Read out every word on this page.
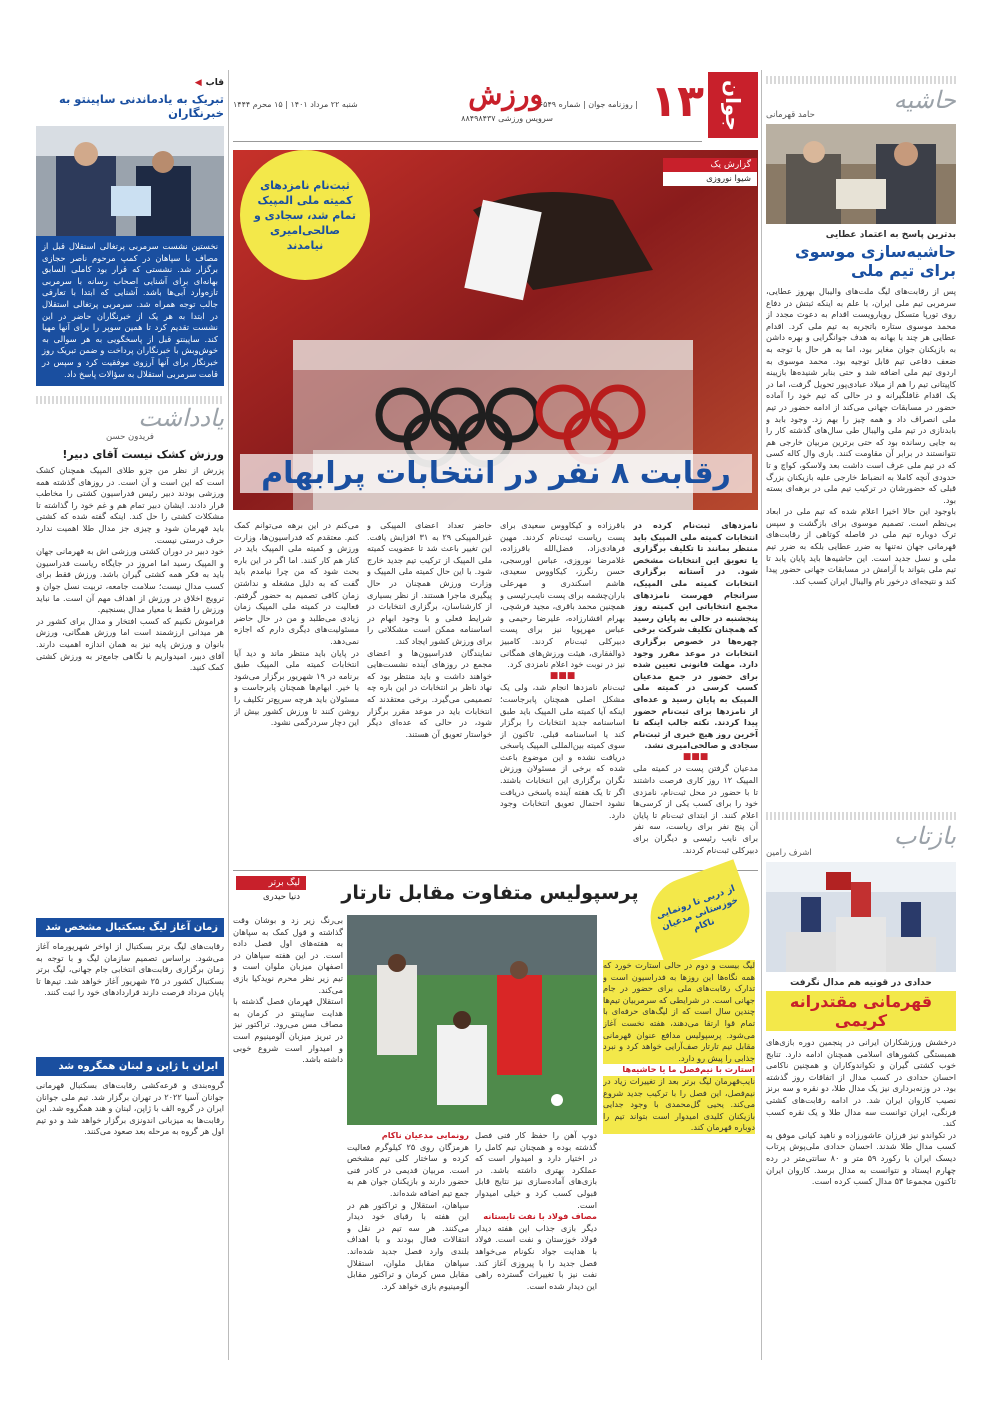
حاشیه
حامد قهرمانی
بدترین پاسخ به اعتماد عطایی
حاشیه‌سازی موسوی برای تیم ملی

پس از رقابت‌های لیگ ملت‌های والیبال بهروز عطایی، سرمربی تیم ملی ایران، با علم به اینکه ثبتش در دفاع روی تورپا متسکل رویارویست اقدام به دعوت مجدد از محمد موسوی ستاره باتجربه به تیم ملی کرد. اقدام عطایی هر چند با بهانه به هدف جوانگرایی و بهره داشن به بازیکنان جوان مغایر بود، اما به هر حال با توجه به ضعف دفاعی تیم قابل توجیه بود. محمد موسوی به اردوی تیم ملی اضافه شد و حتی بنابر شنیده‌ها بازیبنه کاپیتانی تیم را هم از میلاد عبادی‌پور تحویل گرفت، اما در یک اقدام غافلگیرانه و در حالی که تیم خود را آماده حضور در مسابقات جهانی می‌کند از ادامه حضور در تیم ملی انصراف داد و همه چیز را بهم زد. وجود بابد و بابدنازی در تیم ملی والیبال طی سال‌های گذشته کار را به جایی رسانده بود که حتی برترین مربیان خارجی هم نتوانستند در برابر آن مقاومت کنند. باری وال کاله کسی که در تیم ملی عرف است داشت بعد ولاسکو، کواچ و تا حدودی آنچه کاملا به انضباط خارجی علیه بازیکنان بزرگ قبلی که حضورشان در ترکیب تیم ملی در برهه‌ای بسته بود.

باوجود این حالا اخیرا اعلام شده که تیم ملی در ابعاد بی‌نظم است. تصمیم موسوی برای بازگشت و سپس ترک دوباره تیم ملی در فاصله کوتاهی از رقابت‌های قهرمانی جهان نه‌تنها به ضرر عطایی بلکه به ضرر تیم ملی و نسل جدید است. این حاشیه‌ها باید پایان یابد تا تیم ملی بتواند با آرامش در مسابقات جهانی حضور پیدا کند و نتیجه‌ای درخور نام والیبال ایران کسب کند.

بازتاب
اشرف رامین
حدادی در قونیه هم مدال نگرفت
قهرمانی مقتدرانه کریمی

درخشش ورزشکاران ایرانی در پنجمین دوره بازی‌های همبستگی کشورهای اسلامی همچنان ادامه دارد. تنابج خوب کشتی گیران و تکواندوکاران و همچنین ناکامی احسان حدادی در کسب مدال از اتفاقات روز گذشته بود. در وزنه‌برداری نیز یک مدال طلا، دو نقره و سه برنز نصیب کاروان ایران شد. در ادامه رقابت‌های کشتی فرنگی، ایران توانست سه مدال طلا و یک نقره کسب کند.

در تکواندو نیز فرزان عاشورزاده و ناهید کیانی موفق به کسب مدال طلا شدند. احسان حدادی ملی‌پوش پرتاب دیسک ایران با رکورد ۵۹ متر و ۸۰ سانتی‌متر در رده چهارم ایستاد و نتوانست به مدال برسد. کاروان ایران تاکنون مجموعا ۵۳ مدال کسب کرده است.

جوان
۱۳
| روزنامه جوان | شماره ۶۵۴۹
ورزش
سرویس ورزشی ۸۸۴۹۸۴۳۷
شنبه ۲۲ مرداد ۱۴۰۱ | ۱۵ محرم ۱۴۴۴
گزارش یک
شیوا نوروزی
ثبت‌نام نامزدهای کمیته ملی المپیک تمام شد، سجادی و صالحی‌امیری نیامدند
رقابت ۸ نفر در انتخابات پرابهام

نامزدهای ثبت‌نام کرده در انتخابات کمیته ملی المپیک باید منتظر بمانند تا تکلیف برگزاری یا تعویق این انتخابات مشخص شود. در آستانه برگزاری انتخابات کمیته ملی المپیک، سرانجام فهرست نامزدهای مجمع انتخاباتی این کمیته روز پنجشنبه در حالی به پایان رسید که همچنان تکلیف شرکت برخی چهره‌ها در خصوص برگزاری انتخابات در موعد مقرر وجود دارد. مهلت قانونی تعیین شده برای حضور در جمع مدعیان کسب کرسی در کمیته ملی المپیک به پایان رسید و عده‌ای از نامزدها برای ثبت‌نام حضور پیدا کردند. نکته جالب اینکه تا آخرین روز هیچ خبری از ثبت‌نام سجادی و صالحی‌امیری نشد.

■■■

مدعیان گرفتن پست در کمیته ملی المپیک ۱۲ روز کاری فرصت داشتند تا با حضور در محل ثبت‌نام، نامزدی خود را برای کسب یکی از کرسی‌ها اعلام کنند. از ابتدای ثبت‌نام تا پایان آن پنج نفر برای ریاست، سه نفر برای نایب رئیسی و دیگران برای دبیرکلی ثبت‌نام کردند.

باقرزاده و کیکاووس سعیدی برای پست ریاست ثبت‌نام کردند. مهین فرهادی‌زاد، فضل‌الله باقرزاده، غلامرضا نوروزی، عباس اورسجی، حسن رنگرز، کیکاووس سعیدی، هاشم اسکندری و مهرعلی باران‌چشمه برای پست نایب‌رئیسی و همچنین محمد باقری، مجید فرشچی، بهرام افشارزاده، علیرضا رحیمی و عباس مهرپویا نیز برای پست دبیرکلی ثبت‌نام کردند. کامبیز ذوالفقاری، هیئت ورزش‌های همگانی نیز در نوبت خود اعلام نامزدی کرد.

■■■

ثبت‌نام نامزدها انجام شد، ولی یک مشکل اصلی همچنان پابرجاست؛ اینکه آیا کمیته ملی المپیک باید طبق اساسنامه جدید انتخابات را برگزار کند یا اساسنامه قبلی. تاکنون از سوی کمیته بین‌المللی المپیک پاسخی دریافت نشده و این موضوع باعث شده که برخی از مسئولان ورزش نگران برگزاری این انتخابات باشند. اگر تا یک هفته آینده پاسخی دریافت نشود احتمال تعویق انتخابات وجود دارد.

حاضر تعداد اعضای المپیکی و غیرالمپیکی ۲۹ به ۳۱ افزایش یافت. این تغییر باعث شد تا عضویت کمیته ملی المپیک از ترکیب تیم جدید خارج شود. با این حال کمیته ملی المپیک و وزارت ورزش همچنان در حال پیگیری ماجرا هستند. از نظر بسیاری از کارشناسان، برگزاری انتخابات در شرایط فعلی و با وجود ابهام در اساسنامه ممکن است مشکلاتی را برای ورزش کشور ایجاد کند.

نمایندگان فدراسیون‌ها و اعضای مجمع در روزهای آینده نشست‌هایی خواهند داشت و باید منتظر بود که نهاد ناظر بر انتخابات در این باره چه تصمیمی می‌گیرد. برخی معتقدند که انتخابات باید در موعد مقرر برگزار شود، در حالی که عده‌ای دیگر خواستار تعویق آن هستند.

می‌کنم در این برهه می‌توانم کمک کنم. معتقدم که فدراسیون‌ها، وزارت ورزش و کمیته ملی المپیک باید در کنار هم کار کنند. اما اگر در این باره بحث شود که من چرا نیامدم باید گفت که به دلیل مشغله و نداشتن زمان کافی تصمیم به حضور گرفتم. فعالیت در کمیته ملی المپیک زمان زیادی می‌طلبد و من در حال حاضر مسئولیت‌های دیگری دارم که اجازه نمی‌دهد.

در پایان باید منتظر ماند و دید آیا انتخابات کمیته ملی المپیک طبق برنامه در ۱۹ شهریور برگزار می‌شود یا خیر. ابهام‌ها همچنان پابرجاست و مسئولان باید هرچه سریع‌تر تکلیف را روشن کنند تا ورزش کشور بیش از این دچار سردرگمی نشود.

لیگ برتر
دنیا حیدری	پرسپولیس متفاوت مقابل تارتار	از دربی تا رونمایی خوزستانی مدعیان ناکام

بی‌رنگ زیر زد و بوشان وقت گذاشته و قول کمک به سپاهان به هفته‌های اول فصل داده است. در این هفته سپاهان در اصفهان میزبان ملوان است و تیم زیر نظر محرم نویدکیا بازی می‌کند.

استقلال قهرمان فصل گذشته با هدایت ساپینتو در کرمان به مصاف مس می‌رود. تراکتور نیز در تبریز میزبان آلومینیوم است و امیدوار است شروع خوبی داشته باشد.

رونمایی مدعیان ناکام

هرمزگان روی ۲۵ کیلوگرم فعالیت کرده و ساختار کلی تیم مشخص است. مربیان قدیمی در کادر فنی حضور دارند و بازیکنان جوان هم به جمع تیم اضافه شده‌اند.

سپاهان، استقلال و تراکتور هم در این هفته با رقبای خود دیدار می‌کنند. هر سه تیم در نقل و انتقالات فعال بودند و با اهداف بلندی وارد فصل جدید شده‌اند. سپاهان مقابل ملوان، استقلال مقابل مس کرمان و تراکتور مقابل آلومینیوم بازی خواهد کرد.

دوپ آهن را حفظ کار فنی فصل گذشته بوده و همچنان تیم کامل را در اختیار دارد و امیدوار است که عملکرد بهتری داشته باشد. در بازی‌های آماده‌سازی نیز نتایج قابل قبولی کسب کرد و خیلی امیدوار است.

مصاف فولاد با نفت تابستانه

دیگر بازی جذاب این هفته دیدار فولاد خوزستان و نفت است. فولاد با هدایت جواد نکونام می‌خواهد فصل جدید را با پیروزی آغاز کند. نفت نیز با تغییرات گسترده راهی این دیدار شده است.

لیگ بیست و دوم در حالی استارت خورد که همه نگاه‌ها این روزها به فدراسیون است و تدارک رقابت‌های ملی برای حضور در جام جهانی است. در شرایطی که سرمربیان تیم‌ها چندین سال است که از لیگ‌های حرفه‌ای با تمام قوا ارتقا می‌دهند، هفته نخست آغاز می‌شود. پرسپولیس مدافع عنوان قهرمانی مقابل تیم تارتار صف‌آرایی خواهد کرد و نبرد جذابی را پیش رو دارد.

استارت با نیم‌فصل ما یا حاشیه‌ها

نایب‌قهرمان لیگ برتر بعد از تغییرات زیاد در نیم‌فصل، این فصل را با ترکیب جدید شروع می‌کند. یحیی گل‌محمدی با وجود جدایی بازیکنان کلیدی امیدوار است بتواند تیم را دوباره قهرمان کند.

قاب
◀
تبریک به یادماندنی ساپینتو به خبرنگاران
نخستین نشست سرمربی پرتغالی استقلال قبل از مصاف با سپاهان در کمپ مرحوم ناصر حجازی برگزار شد. نشستی که قرار بود کاملی السابق بهانه‌ای برای آشنایی اصحاب رسانه با سرمربی تازه‌وارد آبی‌ها باشد. آشنایی که ابتدا با تعارفی جالب توجه همراه شد. سرمربی پرتغالی استقلال در ابتدا به هر یک از خبرنگاران حاضر در این نشست تقدیم کرد تا همین سوپر را برای آنها مهیا کند. ساپینتو قبل از پاسخگویی به هر سوالی به خوش‌وبش با خبرنگاران پرداخت و ضمن تبریک روز خبرنگار برای آنها آرزوی موفقیت کرد و سپس در قامت سرمربی استقلال به سؤالات پاسخ داد.
یادداشت
فریدون حسن
ورزش کشک نیست آقای دبیر!

پزرش از نظر من جزو طلای المپیک همچنان کشک است که این است و آن است. در روزهای گذشته همه ورزشی بودند دبیر رئیس فدراسیون کشتی را مخاطب قرار دادند. ایشان دبیر تمام هم و غم خود را گذاشته تا مشکلات کشتی را حل کند. اینکه گفته شده که کشتی باید قهرمان شود و چیزی جز مدال طلا اهمیت ندارد حرف درستی نیست.

خود دبیر در دوران کشتی ورزشی اش به قهرمانی جهان و المپیک رسید اما امروز در جایگاه ریاست فدراسیون باید به فکر همه کشتی گیران باشد. ورزش فقط برای کسب مدال نیست؛ سلامت جامعه، تربیت نسل جوان و ترویج اخلاق در ورزش از اهداف مهم آن است. ما نباید ورزش را فقط با معیار مدال بسنجیم.

فراموش نکنیم که کسب افتخار و مدال برای کشور در هر میدانی ارزشمند است اما ورزش همگانی، ورزش بانوان و ورزش پایه نیز به همان اندازه اهمیت دارند. آقای دبیر، امیدواریم با نگاهی جامع‌تر به ورزش کشتی کمک کنید.

زمان آغاز لیگ بسکتبال مشخص شد
رقابت‌های لیگ برتر بسکتبال از اواخر شهریورماه آغاز می‌شود. براساس تصمیم سازمان لیگ و با توجه به زمان برگزاری رقابت‌های انتخابی جام جهانی، لیگ برتر بسکتبال کشور در ۲۵ شهریور آغاز خواهد شد. تیم‌ها تا پایان مرداد فرصت دارند قراردادهای خود را ثبت کنند.
ایران با ژاپن و لبنان همگروه شد
گروه‌بندی و قرعه‌کشی رقابت‌های بسکتبال قهرمانی جوانان آسیا ۲۰۲۲ در تهران برگزار شد. تیم ملی جوانان ایران در گروه الف با ژاپن، لبنان و هند همگروه شد. این رقابت‌ها به میزبانی اندونزی برگزار خواهد شد و دو تیم اول هر گروه به مرحله بعد صعود می‌کنند.
